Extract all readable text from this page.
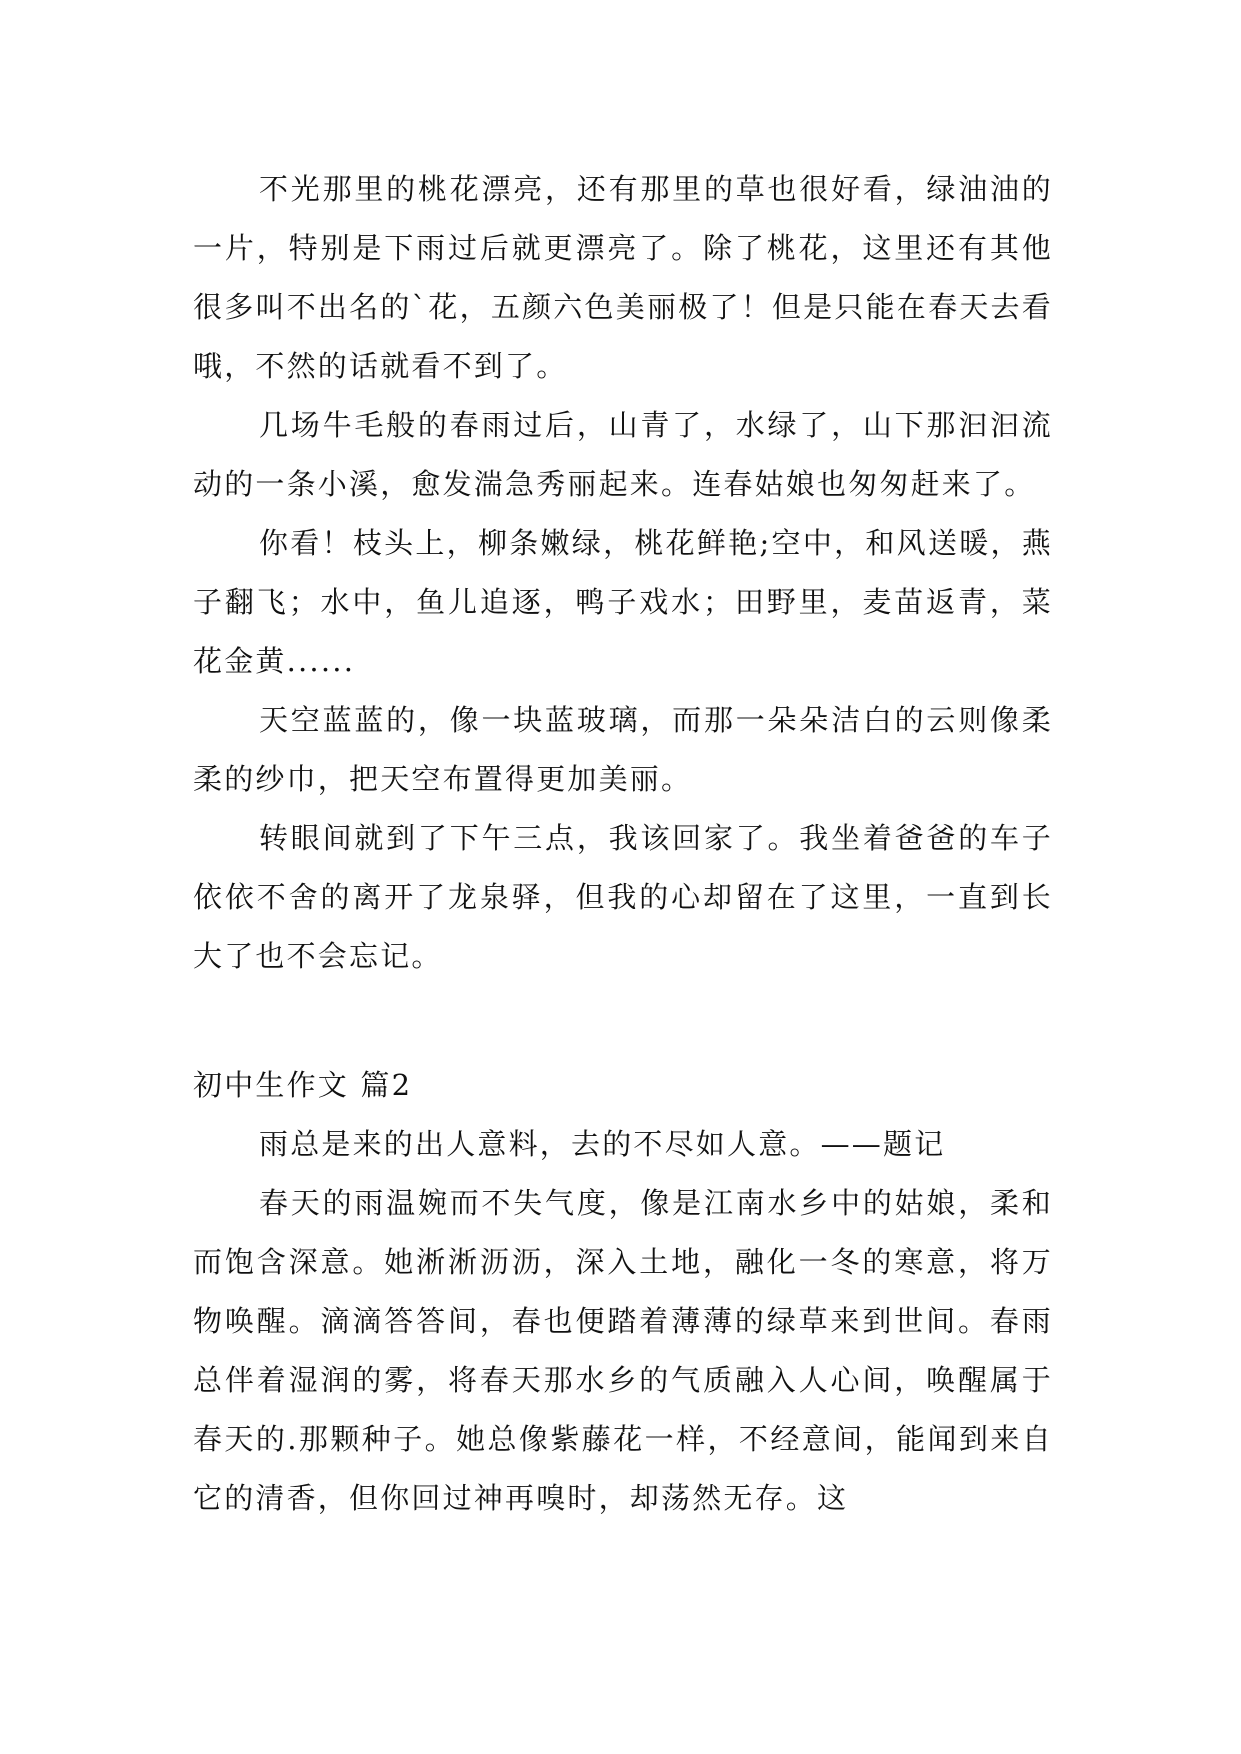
不光那里的桃花漂亮，还有那里的草也很好看，绿油油的一片，特别是下雨过后就更漂亮了。除了桃花，这里还有其他很多叫不出名的`花，五颜六色美丽极了！但是只能在春天去看哦，不然的话就看不到了。

几场牛毛般的春雨过后，山青了，水绿了，山下那汩汩流动的一条小溪，愈发湍急秀丽起来。连春姑娘也匆匆赶来了。

你看！枝头上，柳条嫩绿，桃花鲜艳;空中，和风送暖，燕子翻飞；水中，鱼儿追逐，鸭子戏水；田野里，麦苗返青，菜花金黄......

天空蓝蓝的，像一块蓝玻璃，而那一朵朵洁白的云则像柔柔的纱巾，把天空布置得更加美丽。

转眼间就到了下午三点，我该回家了。我坐着爸爸的车子依依不舍的离开了龙泉驿，但我的心却留在了这里，一直到长大了也不会忘记。

初中生作文 篇2

雨总是来的出人意料，去的不尽如人意。——题记

春天的雨温婉而不失气度，像是江南水乡中的姑娘，柔和而饱含深意。她淅淅沥沥，深入土地，融化一冬的寒意，将万物唤醒。滴滴答答间，春也便踏着薄薄的绿草来到世间。春雨总伴着湿润的雾，将春天那水乡的气质融入人心间，唤醒属于春天的.那颗种子。她总像紫藤花一样，不经意间，能闻到来自它的清香，但你回过神再嗅时，却荡然无存。这
